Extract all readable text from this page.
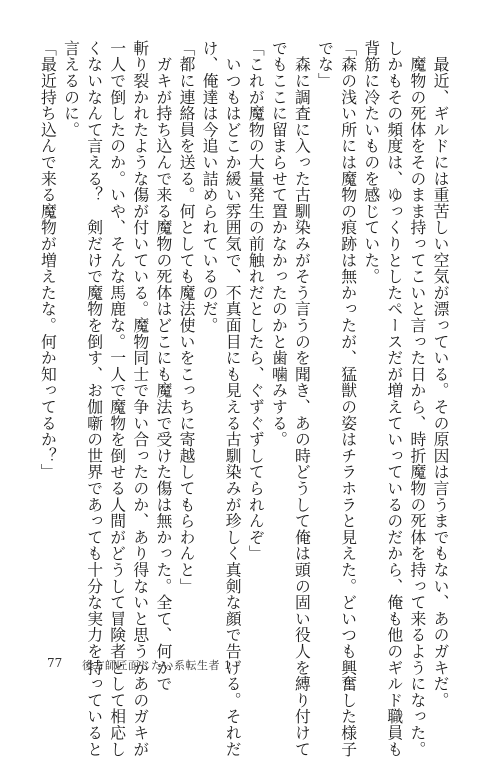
　最近、ギルドには重苦しい空気が漂っている。その原因は言うまでもない、あのガキだ。
　魔物の死体をそのまま持ってこいと言った日から、時折魔物の死体を持って来るようになった。
しかもその頻度は、ゆっくりとしたペースだが増えていっているのだから、俺も他のギルド職員も
背筋に冷たいものを感じていた。
「森の浅い所には魔物の痕跡は無かったが、猛獣の姿はチラホラと見えた。どいつも興奮した様子
でな」
　森に調査に入った古馴染みがそう言うのを聞き、あの時どうして俺は頭の固い役人を縛り付けて
でもここに留まらせて置かなかったのかと歯噛みする。
「これが魔物の大量発生の前触れだとしたら、ぐずぐずしてられんぞ」
　いつもはどこか緩い雰囲気で、不真面目にも見える古馴染みが珍しく真剣な顔で告げる。それだ
け、俺達は今追い詰められているのだ。
「都に連絡員を送る。何としても魔法使いをこっちに寄越してもらわんと」
　ガキが持ち込んで来る魔物の死体はどこにも魔法で受けた傷は無かった。全て、何かで
斬り裂かれたような傷が付いている。魔物同士で争い合ったのか、あり得ないと思うがあのガキが
一人で倒したのか。いや、そんな馬鹿な。一人で魔物を倒せる人間がどうして冒険者として相応し
くないなんて言える？　剣だけで魔物を倒す、お伽噺の世界であっても十分な実力を持っていると
言えるのに。
「最近持ち込んで来る魔物が増えたな。何か知ってるか？」
77 後方師匠面したい系転生者 1
